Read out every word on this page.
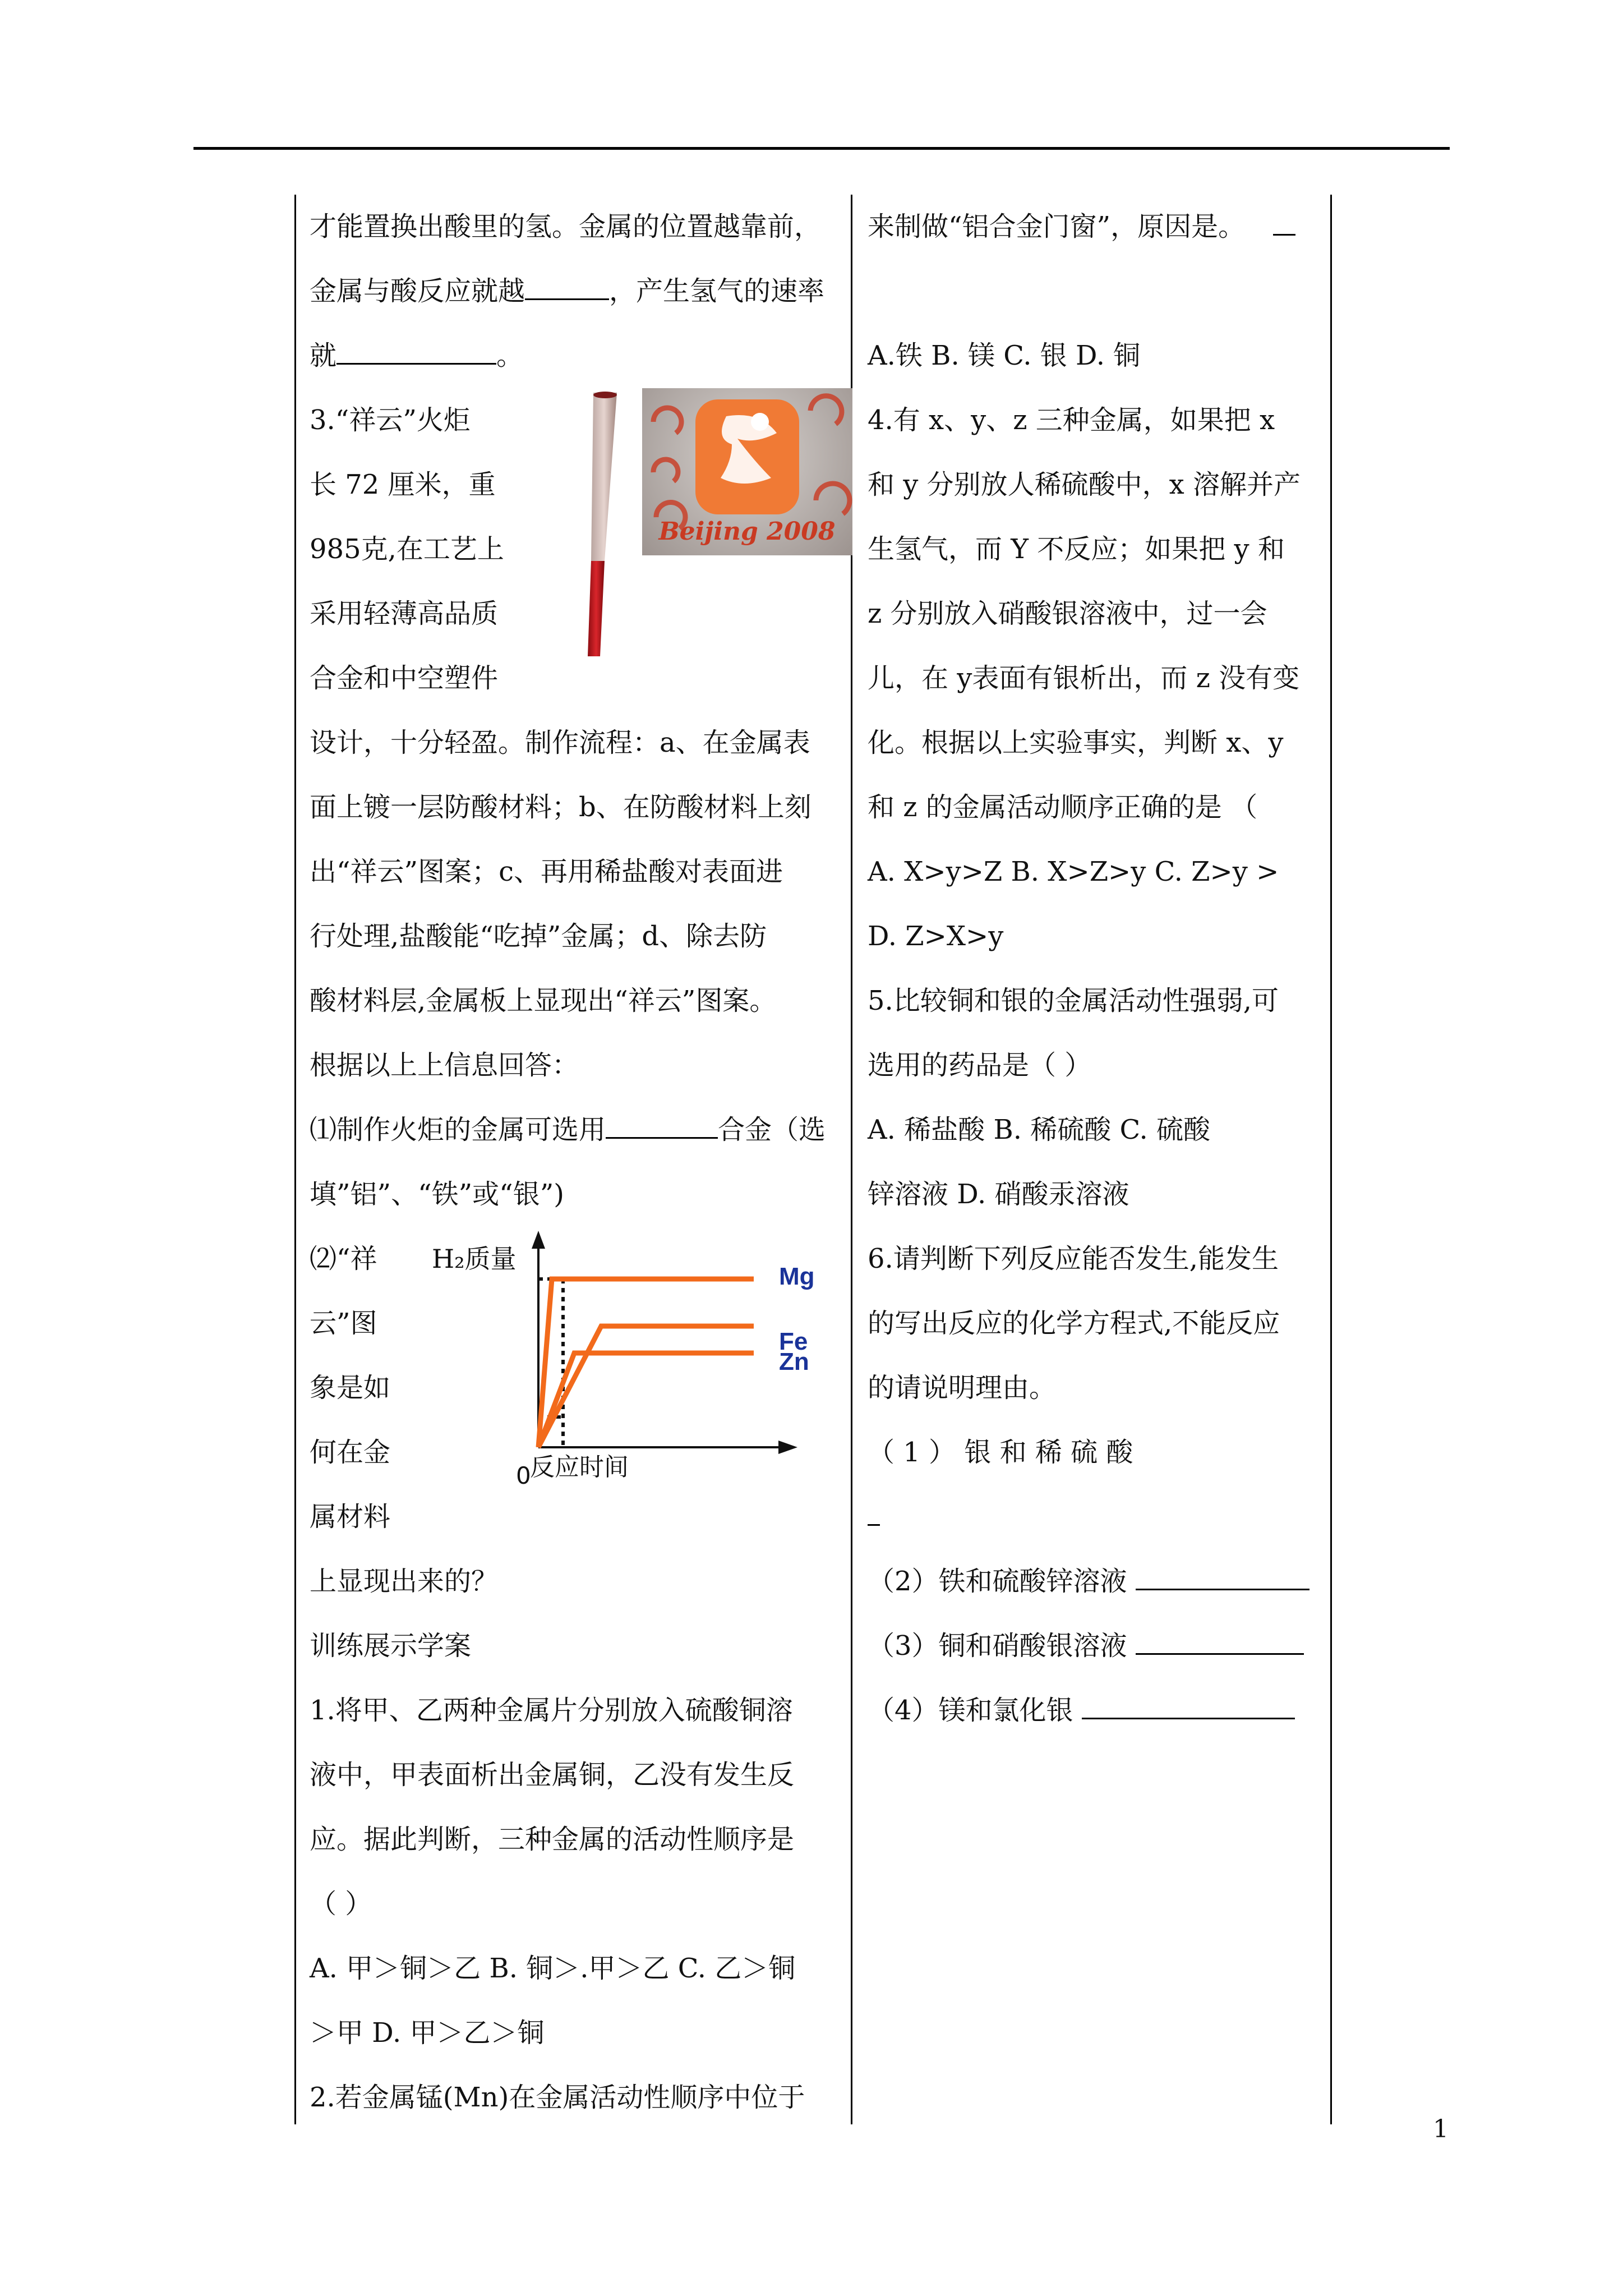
才能置换出酸里的氢。金属的位置越靠前，
金属与酸反应就越	，产生氢气的速率
就	。
3.“祥云”火炬
长 72 厘米，重
985克,在工艺上
采用轻薄高品质
合金和中空塑件
设计，十分轻盈。制作流程：a、在金属表
面上镀一层防酸材料；b、在防酸材料上刻
出“祥云”图案；c、再用稀盐酸对表面进
行处理,盐酸能“吃掉”金属；d、除去防
酸材料层,金属板上显现出“祥云”图案。
根据以上上信息回答：
⑴制作火炬的金属可选用	合金（选
填”铝”、“铁”或“银”)
⑵“祥
云”图
象是如
何在金
属材料
上显现出来的？
训练展示学案
1.将甲、乙两种金属片分别放入硫酸铜溶
液中，甲表面析出金属铜，乙没有发生反
应。据此判断，三种金属的活动性顺序是
（ ）
A. 甲＞铜＞乙 B. 铜＞.甲＞乙 C. 乙＞铜
＞甲 D. 甲＞乙＞铜
2.若金属锰(Mn)在金属活动性顺序中位于
Beijing 2008
H₂质量
反应时间
0
Mg
Fe
Zn
来制做“铝合金门窗”，原因是。
A.铁 B. 镁 C. 银 D. 铜
4.有 x、y、z 三种金属，如果把 x
和 y 分别放人稀硫酸中，x 溶解并产
生氢气，而 Y 不反应；如果把 y 和
z 分别放入硝酸银溶液中，过一会
儿，在 y表面有银析出，而 z 没有变
化。根据以上实验事实，判断 x、y
和 z 的金属活动顺序正确的是 （
A. X>y>Z B. X>Z>y C. Z>y >
D. Z>X>y
5.比较铜和银的金属活动性强弱,可
选用的药品是（ ）
A. 稀盐酸 B. 稀硫酸 C. 硫酸
锌溶液 D. 硝酸汞溶液
6.请判断下列反应能否发生,能发生
的写出反应的化学方程式,不能反应
的请说明理由。
（ 1 ） 银 和 稀 硫 酸
（2）铁和硫酸锌溶液
（3）铜和硝酸银溶液
（4）镁和氯化银
1
